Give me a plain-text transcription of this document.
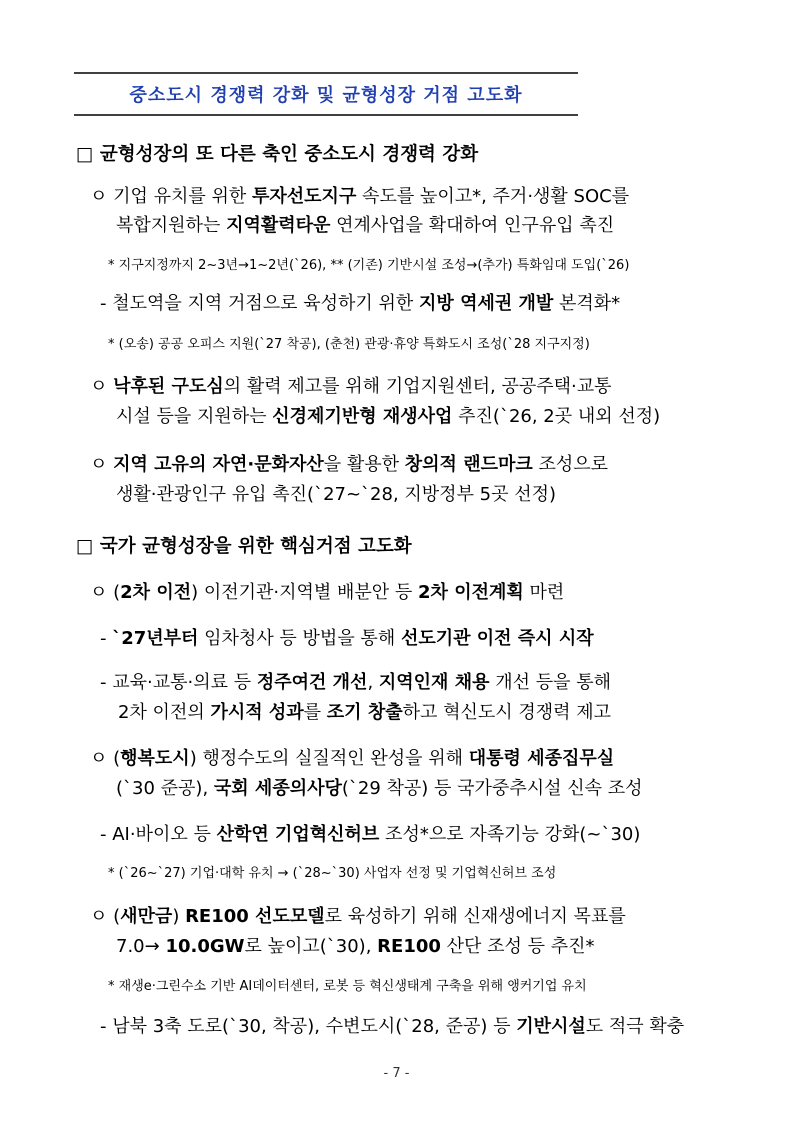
중소도시 경쟁력 강화 및 균형성장 거점 고도화
□ 균형성장의 또 다른 축인 중소도시 경쟁력 강화
ㅇ 기업 유치를 위한 투자선도지구 속도를 높이고*, 주거·생활 SOC를
복합지원하는 지역활력타운 연계사업을 확대하여 인구유입 촉진
* 지구지정까지 2~3년→1~2년(`26), ** (기존) 기반시설 조성→(추가) 특화임대 도입(`26)
- 철도역을 지역 거점으로 육성하기 위한 지방 역세권 개발 본격화*
* (오송) 공공 오피스 지원(`27 착공), (춘천) 관광·휴양 특화도시 조성(`28 지구지정)
ㅇ 낙후된 구도심의 활력 제고를 위해 기업지원센터, 공공주택·교통
시설 등을 지원하는 신경제기반형 재생사업 추진(`26, 2곳 내외 선정)
ㅇ 지역 고유의 자연·문화자산을 활용한 창의적 랜드마크 조성으로
생활·관광인구 유입 촉진(`27~`28, 지방정부 5곳 선정)
□ 국가 균형성장을 위한 핵심거점 고도화
ㅇ (2차 이전) 이전기관·지역별 배분안 등 2차 이전계획 마련
- `27년부터 임차청사 등 방법을 통해 선도기관 이전 즉시 시작
- 교육·교통·의료 등 정주여건 개선, 지역인재 채용 개선 등을 통해
2차 이전의 가시적 성과를 조기 창출하고 혁신도시 경쟁력 제고
ㅇ (행복도시) 행정수도의 실질적인 완성을 위해 대통령 세종집무실
(`30 준공), 국회 세종의사당(`29 착공) 등 국가중추시설 신속 조성
- AI·바이오 등 산학연 기업혁신허브 조성*으로 자족기능 강화(~`30)
* (`26~`27) 기업·대학 유치 → (`28~`30) 사업자 선정 및 기업혁신허브 조성
ㅇ (새만금) RE100 선도모델로 육성하기 위해 신재생에너지 목표를
7.0→ 10.0GW로 높이고(`30), RE100 산단 조성 등 추진*
* 재생e·그린수소 기반 AI데이터센터, 로봇 등 혁신생태계 구축을 위해 앵커기업 유치
- 남북 3축 도로(`30, 착공), 수변도시(`28, 준공) 등 기반시설도 적극 확충
- 7 -
